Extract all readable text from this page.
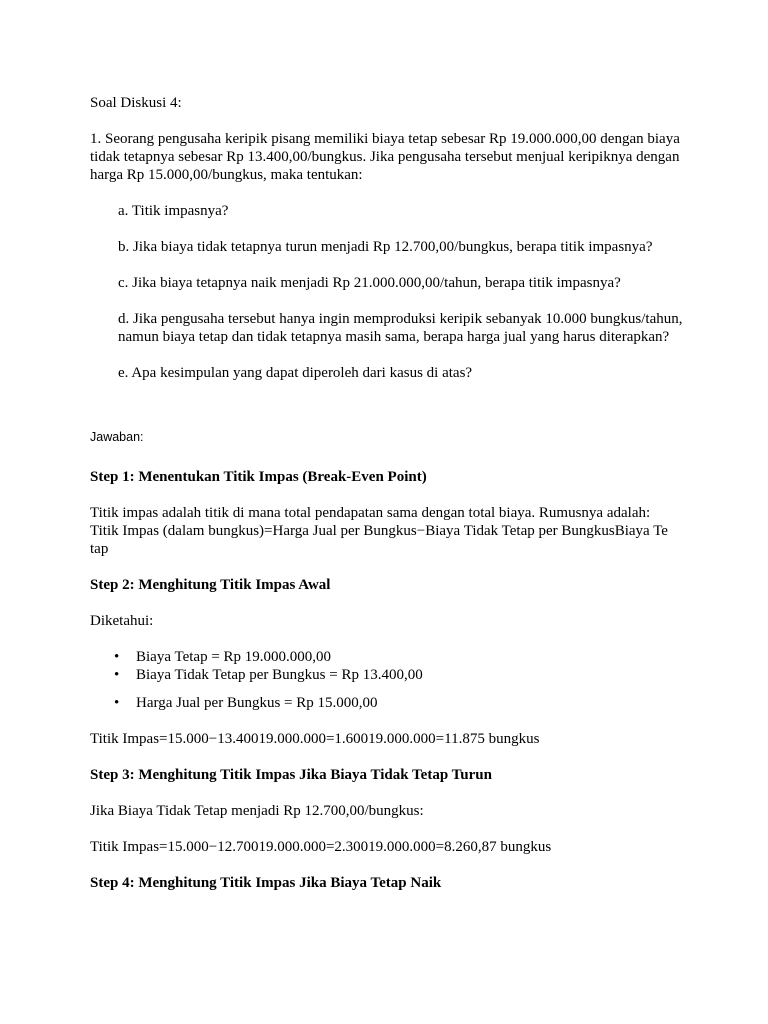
Soal Diskusi 4:

1. Seorang pengusaha keripik pisang memiliki biaya tetap sebesar Rp 19.000.000,00 dengan biaya tidak tetapnya sebesar Rp 13.400,00/bungkus. Jika pengusaha tersebut menjual keripiknya dengan harga Rp 15.000,00/bungkus, maka tentukan:

a. Titik impasnya?

b. Jika biaya tidak tetapnya turun menjadi Rp 12.700,00/bungkus, berapa titik impasnya?

c. Jika biaya tetapnya naik menjadi Rp 21.000.000,00/tahun, berapa titik impasnya?

d. Jika pengusaha tersebut hanya ingin memproduksi keripik sebanyak 10.000 bungkus/tahun, namun biaya tetap dan tidak tetapnya masih sama, berapa harga jual yang harus diterapkan?

e. Apa kesimpulan yang dapat diperoleh dari kasus di atas?

Jawaban:

Step 1: Menentukan Titik Impas (Break-Even Point)

Titik impas adalah titik di mana total pendapatan sama dengan total biaya. Rumusnya adalah:

Titik Impas (dalam bungkus)=Harga Jual per Bungkus−Biaya Tidak Tetap per BungkusBiaya Te

tap

Step 2: Menghitung Titik Impas Awal

Diketahui:

• Biaya Tetap = Rp 19.000.000,00
• Biaya Tidak Tetap per Bungkus = Rp 13.400,00
• Harga Jual per Bungkus = Rp 15.000,00

Titik Impas=15.000−13.40019.000.000=1.60019.000.000=11.875 bungkus

Step 3: Menghitung Titik Impas Jika Biaya Tidak Tetap Turun

Jika Biaya Tidak Tetap menjadi Rp 12.700,00/bungkus:

Titik Impas=15.000−12.70019.000.000=2.30019.000.000=8.260,87 bungkus

Step 4: Menghitung Titik Impas Jika Biaya Tetap Naik
